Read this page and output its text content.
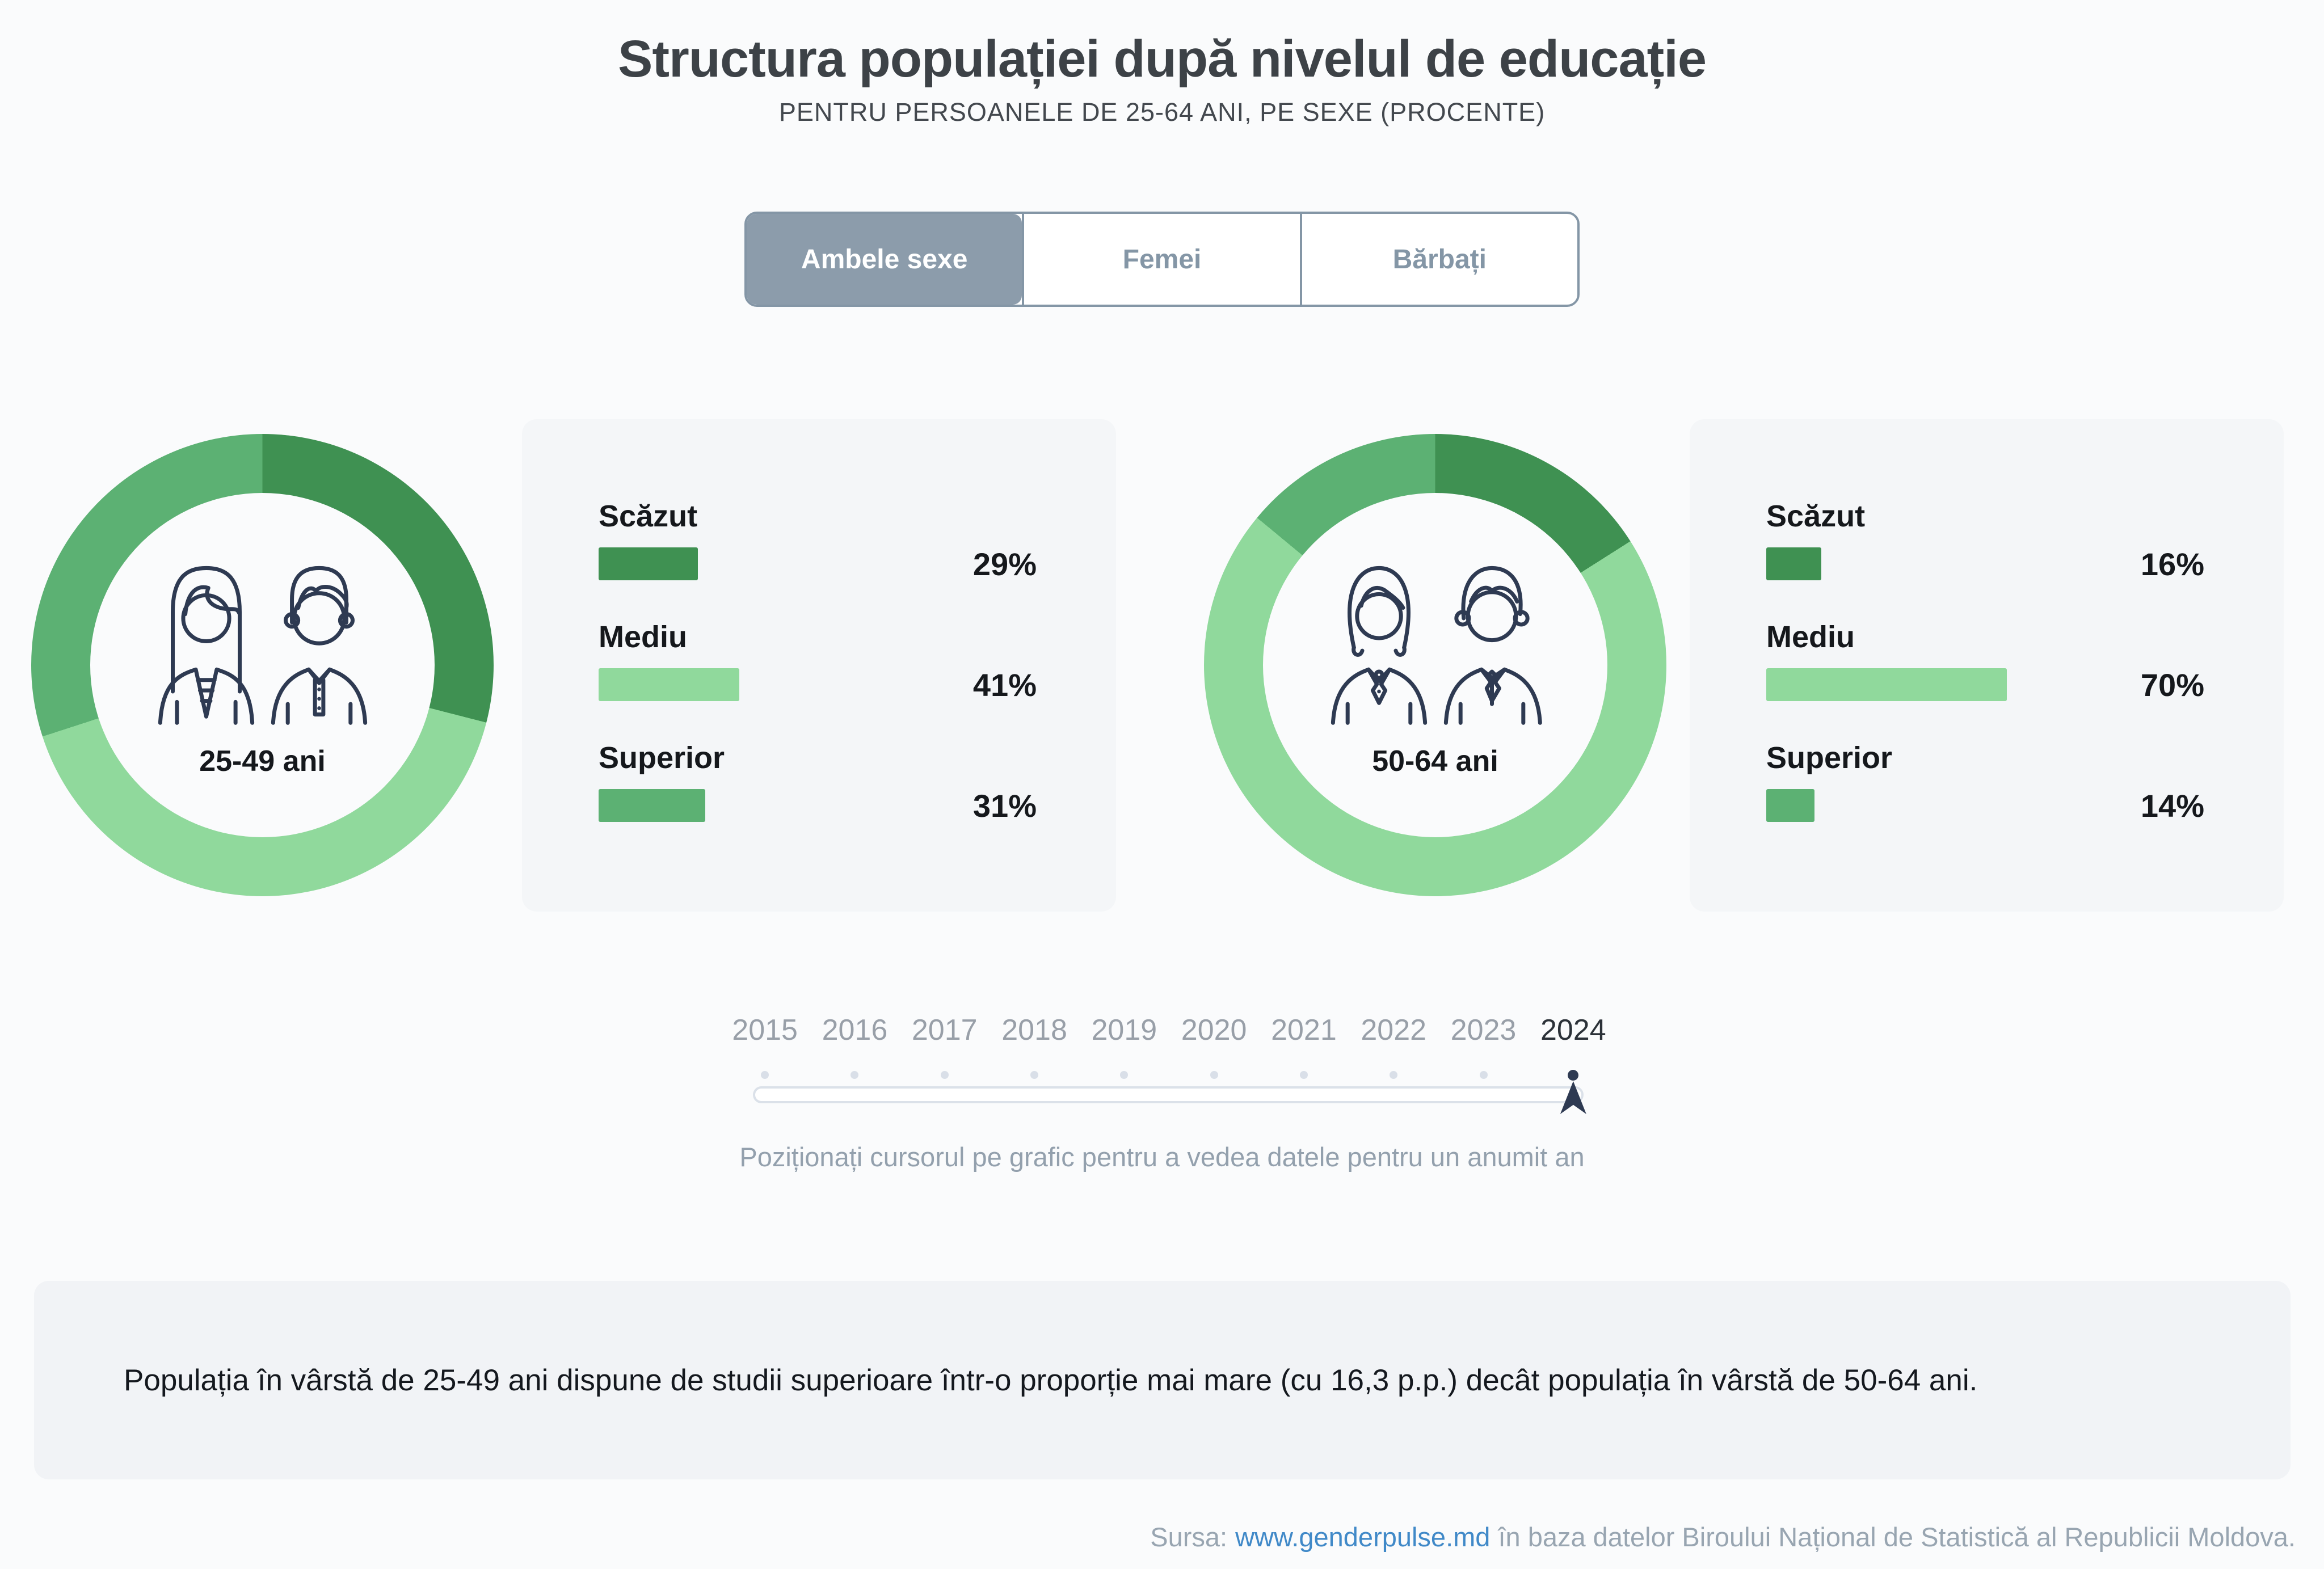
Structura populației după nivelul de educație
PENTRU PERSOANELE DE 25-64 ANI, PE SEXE (PROCENTE)
Ambele sexe	Femei	Bărbați
25-49 ani
Scăzut
29%
Mediu
41%
Superior
31%
50-64 ani
Scăzut
16%
Mediu
70%
Superior
14%
2015 2016 2017 2018 2019 2020 2021 2022 2023 2024
Poziționați cursorul pe grafic pentru a vedea datele pentru un anumit an
Populația în vârstă de 25-49 ani dispune de studii superioare într-o proporție mai mare (cu 16,3 p.p.) decât populația în vârstă de 50-64 ani.
Sursa: www.genderpulse.md în baza datelor Biroului Național de Statistică al Republicii Moldova.
